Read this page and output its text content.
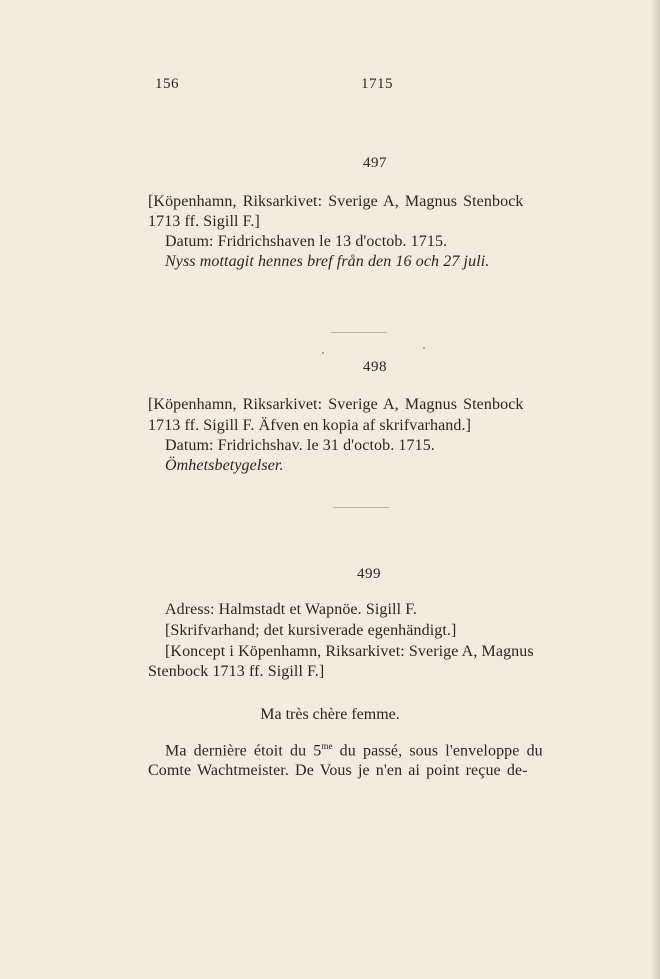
156	1715
497
[Köpenhamn, Riksarkivet: Sverige A, Magnus Stenbock
1713 ff. Sigill F.]
Datum: Fridrichshaven le 13 d'octob. 1715.
Nyss mottagit hennes bref från den 16 och 27 juli.
498
[Köpenhamn, Riksarkivet: Sverige A, Magnus Stenbock
1713 ff. Sigill F. Äfven en kopia af skrifvarhand.]
Datum: Fridrichshav. le 31 d'octob. 1715.
Ömhetsbetygelser.
499
Adress: Halmstadt et Wapnöe. Sigill F.
[Skrifvarhand; det kursiverade egenhändigt.]
[Koncept i Köpenhamn, Riksarkivet: Sverige A, Magnus
Stenbock 1713 ff. Sigill F.]
Ma très chère femme.
Ma dernière étoit du $5^{me}$ du passé, sous l'enveloppe du
Comte Wachtmeister. De Vous je n'en ai point reçue de-
